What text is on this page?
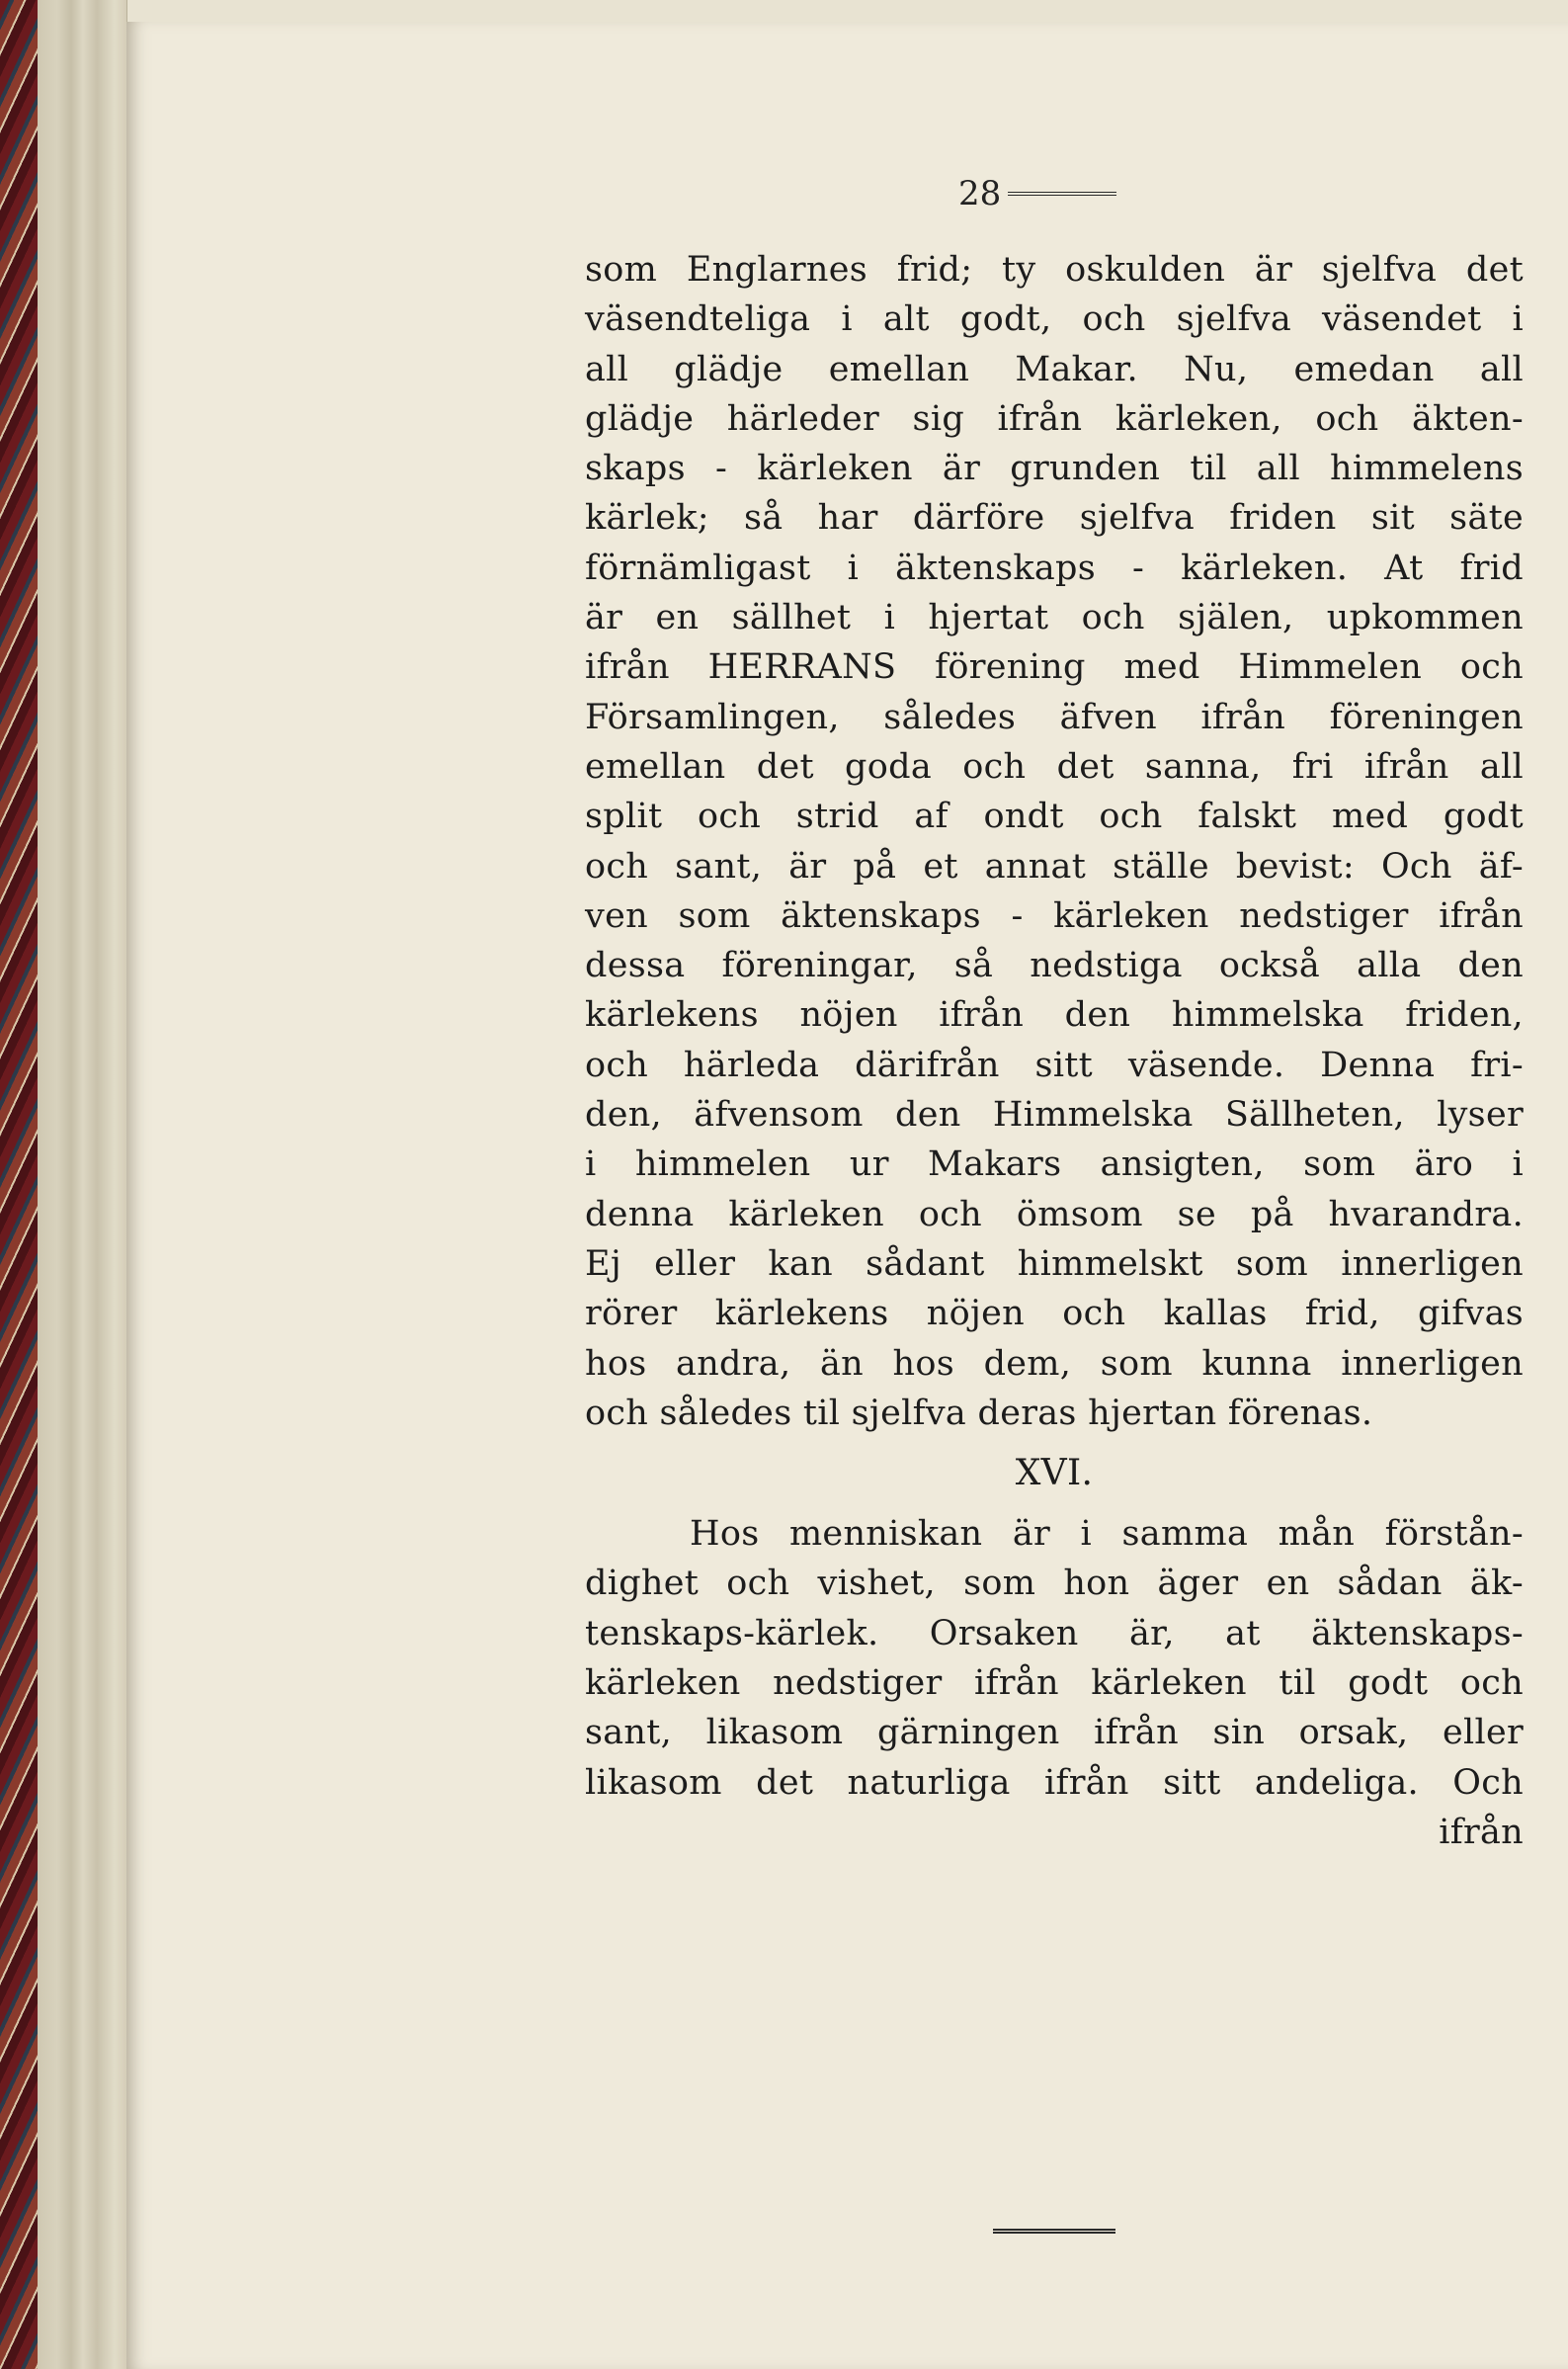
28
som Englarnes frid; ty oskulden är sjelfva det
väsendteliga i alt godt, och sjelfva väsendet i
all glädje emellan Makar. Nu, emedan all
glädje härleder sig ifrån kärleken, och äkten-
skaps - kärleken är grunden til all himmelens
kärlek; så har därföre sjelfva friden sit säte
förnämligast i äktenskaps - kärleken. At frid
är en sällhet i hjertat och själen, upkommen
ifrån HERRANS förening med Himmelen och
Församlingen, således äfven ifrån föreningen
emellan det goda och det sanna, fri ifrån all
split och strid af ondt och falskt med godt
och sant, är på et annat ställe bevist: Och äf-
ven som äktenskaps - kärleken nedstiger ifrån
dessa föreningar, så nedstiga också alla den
kärlekens nöjen ifrån den himmelska friden,
och härleda därifrån sitt väsende. Denna fri-
den, äfvensom den Himmelska Sällheten, lyser
i himmelen ur Makars ansigten, som äro i
denna kärleken och ömsom se på hvarandra.
Ej eller kan sådant himmelskt som innerligen
rörer kärlekens nöjen och kallas frid, gifvas
hos andra, än hos dem, som kunna innerligen
och således til sjelfva deras hjertan förenas.
XVI.
Hos menniskan är i samma mån förstån-
dighet och vishet, som hon äger en sådan äk-
tenskaps-kärlek. Orsaken är, at äktenskaps-
kärleken nedstiger ifrån kärleken til godt och
sant, likasom gärningen ifrån sin orsak, eller
likasom det naturliga ifrån sitt andeliga. Och
ifrån
